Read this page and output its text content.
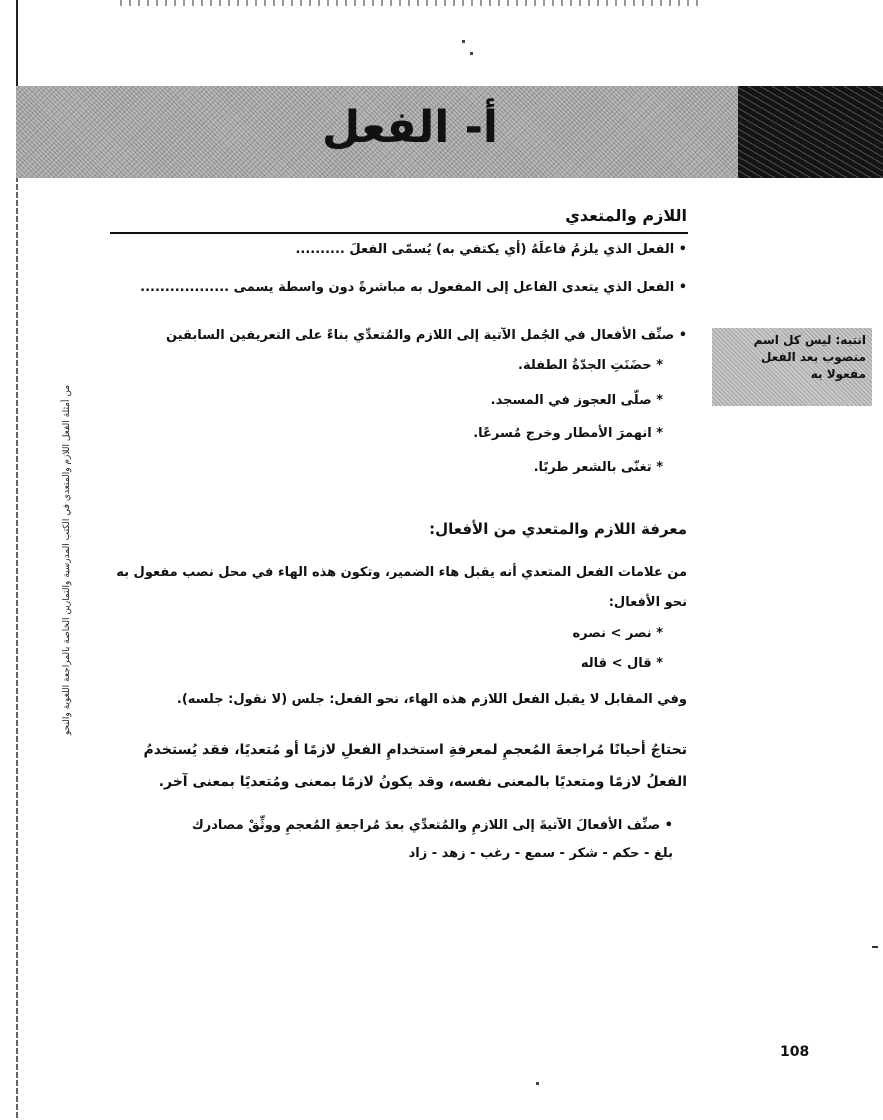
أ- الفعل
من أمثلة الفعل اللازم والمتعدي في الكتب المدرسية والتمارين الخاصة بالمراجعة اللغوية والنحو
انتبه: ليس كل اسم منصوب بعد الفعل مفعولا به
اللازم والمتعدي
• الفعل الذي يلزمُ فاعلَهُ (أي يكتفي به) يُسمّى الفعلَ ..........
• الفعل الذي يتعدى الفاعل إلى المفعول به مباشرةً دون واسطة يسمى ..................
• صنِّف الأفعال في الجُمل الآتية إلى اللازم والمُتعدِّي بناءً على التعريفين السابقين
* حضَنَتِ الجدّةُ الطفلة.
* صلّى العجوز في المسجد.
* انهمرَ الأمطار وخرج مُسرعًا.
* تغنّى بالشعر طربًا.
معرفة اللازم والمتعدي من الأفعال:
من علامات الفعل المتعدي أنه يقبل هاء الضمير، وتكون هذه الهاء في محل نصب مفعول به نحو الأفعال:
* نصر > نصره
* قال > قاله
وفي المقابل لا يقبل الفعل اللازم هذه الهاء، نحو الفعل: جلس (لا نقول: جلسه).
تحتاجُ أحيانًا مُراجعةَ المُعجمِ لمعرفةِ استخدامِ الفعلِ لازمًا أو مُتعديًا، فقد يُستخدمُ الفعلُ لازمًا ومتعديًا بالمعنى نفسه، وقد يكونُ لازمًا بمعنى ومُتعديًا بمعنى آخر.
• صنِّف الأفعالَ الآتيةَ إلى اللازمِ والمُتعدِّي بعدَ مُراجعةِ المُعجمِ ووثِّقْ مصادرك
بلغ - حكم - شكر - سمع - رغب - زهد - زاد
108
